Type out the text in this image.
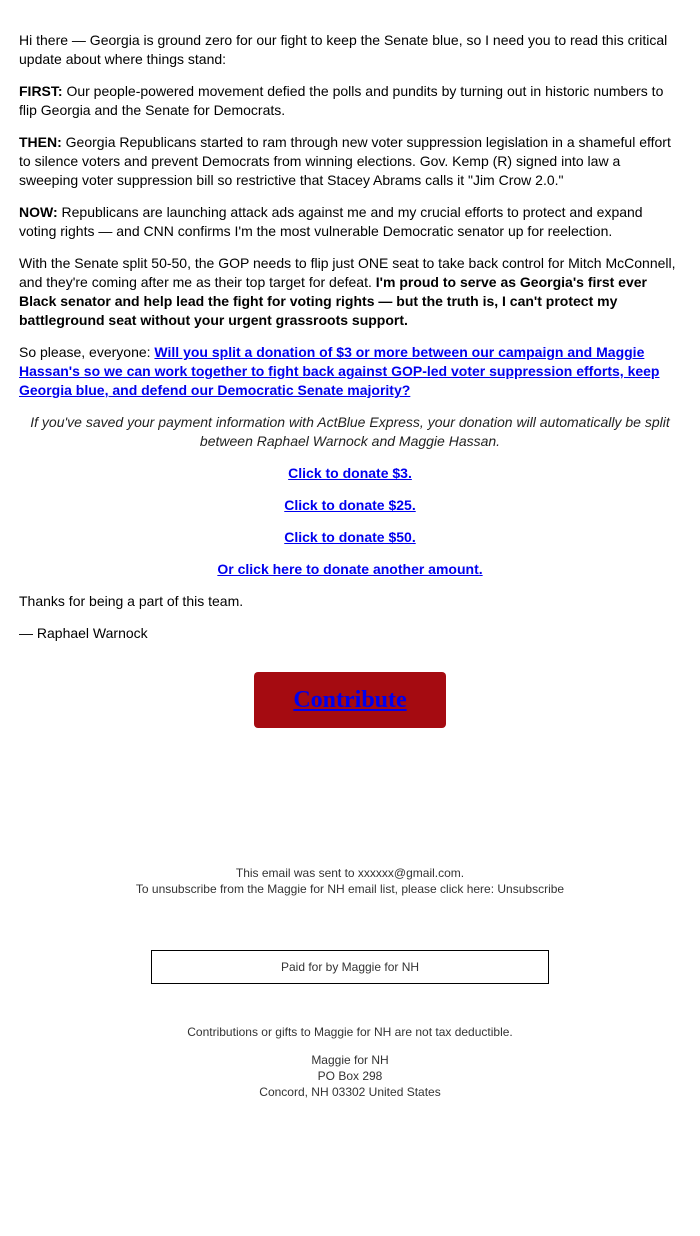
Hi there — Georgia is ground zero for our fight to keep the Senate blue, so I need you to read this critical update about where things stand:

FIRST: Our people-powered movement defied the polls and pundits by turning out in historic numbers to flip Georgia and the Senate for Democrats.

THEN: Georgia Republicans started to ram through new voter suppression legislation in a shameful effort to silence voters and prevent Democrats from winning elections. Gov. Kemp (R) signed into law a sweeping voter suppression bill so restrictive that Stacey Abrams calls it "Jim Crow 2.0."

NOW: Republicans are launching attack ads against me and my crucial efforts to protect and expand voting rights — and CNN confirms I'm the most vulnerable Democratic senator up for reelection.

With the Senate split 50-50, the GOP needs to flip just ONE seat to take back control for Mitch McConnell, and they're coming after me as their top target for defeat. I'm proud to serve as Georgia's first ever Black senator and help lead the fight for voting rights — but the truth is, I can't protect my battleground seat without your urgent grassroots support.

So please, everyone: Will you split a donation of $3 or more between our campaign and Maggie Hassan's so we can work together to fight back against GOP-led voter suppression efforts, keep Georgia blue, and defend our Democratic Senate majority?

If you've saved your payment information with ActBlue Express, your donation will automatically be split between Raphael Warnock and Maggie Hassan.

Click to donate $3.

Click to donate $25.

Click to donate $50.

Or click here to donate another amount.

Thanks for being a part of this team.

— Raphael Warnock

Contribute
This email was sent to xxxxxx@gmail.com.
To unsubscribe from the Maggie for NH email list, please click here: Unsubscribe
Paid for by Maggie for NH
Contributions or gifts to Maggie for NH are not tax deductible.
Maggie for NH
PO Box 298
Concord, NH 03302 United States
